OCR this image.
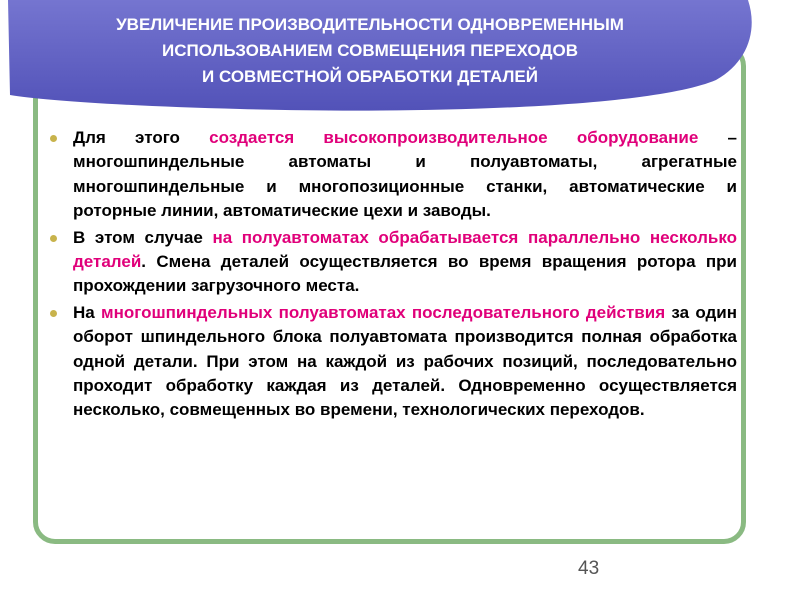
УВЕЛИЧЕНИЕ ПРОИЗВОДИТЕЛЬНОСТИ ОДНОВРЕМЕННЫМ
ИСПОЛЬЗОВАНИЕМ СОВМЕЩЕНИЯ ПЕРЕХОДОВ
И СОВМЕСТНОЙ ОБРАБОТКИ ДЕТАЛЕЙ
Для этого создается высокопроизводительное оборудование – многошпиндельные автоматы и полуавтоматы, агрегатные многошпиндельные и многопозиционные станки, автоматические и роторные линии, автоматические цехи и заводы.
В этом случае на полуавтоматах обрабатывается параллельно несколько деталей. Смена деталей осуществляется во время вращения ротора при прохождении загрузочного места.
На многошпиндельных полуавтоматах последовательного действия за один оборот шпиндельного блока полуавтомата производится полная обработка одной детали. При этом на каждой из рабочих позиций, последовательно проходит обработку каждая из деталей. Одновременно осуществляется несколько, совмещенных во времени, технологических переходов.
43
